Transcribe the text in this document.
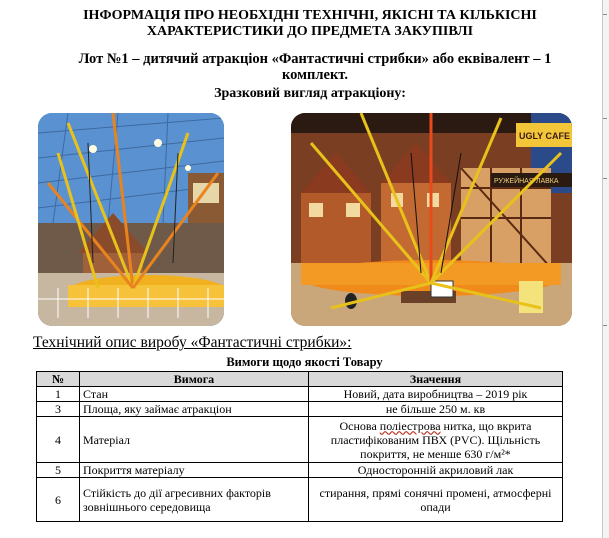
ІНФОРМАЦІЯ ПРО НЕОБХІДНІ ТЕХНІЧНІ, ЯКІСНІ ТА КІЛЬКІСНІ
ХАРАКТЕРИСТИКИ ДО ПРЕДМЕТА ЗАКУПІВЛІ
Лот №1 – дитячий атракціон «Фантастичні стрибки» або еквівалент – 1
комплект.
Зразковий вигляд атракціону:
UGLY CAFE
РУЖЕЙНАЯ ЛАВКА
Технічний опис виробу «Фантастичні стрибки»:
Вимоги щодо якості Товару
№	Вимога	Значення
1	Стан	Новий, дата виробництва – 2019 рік
3	Площа, яку займає атракціон	не більше 250 м. кв
4	Матеріал	Основа поліестрова нитка, що вкрита
пластифікованим ПВХ (PVC). Щільність
покриття, не менше 630 г/м²*
5	Покриття матеріалу	Односторонній акриловий лак
6	Стійкість до дії агресивних факторів
зовнішнього середовища	стирання, прямі сонячні промені, атмосферні
опади
